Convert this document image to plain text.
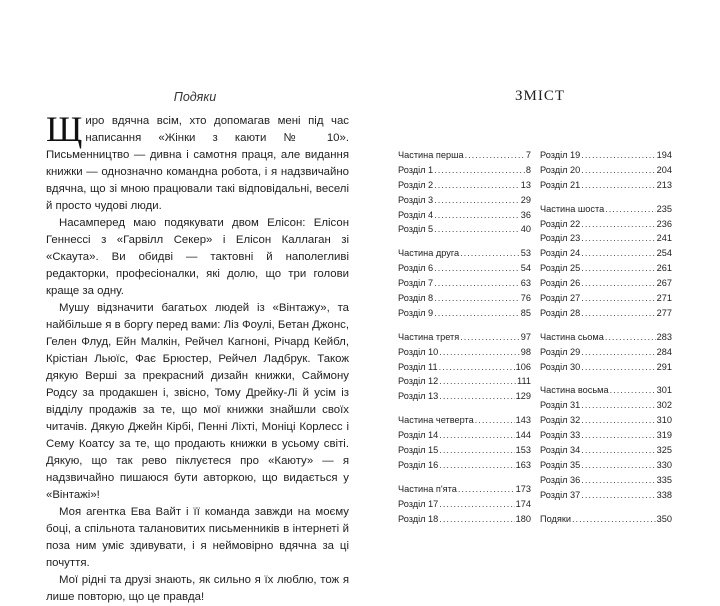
Подяки

Щиро вдячна всім, хто допомагав мені під час написання «Жінки з каюти № 10». Письменництво — дивна і самотня праця, але видання книжки — однозначно командна робота, і я надзвичайно вдячна, що зі мною працювали такі відповідальні, веселі й просто чудові люди.

Насамперед маю подякувати двом Елісон: Елісон Геннессі з «Гарвілл Секер» і Елісон Каллаган зі «Скаута». Ви обидві — тактовні й наполегливі редакторки, професіоналки, які долю, що три голови краще за одну.

Мушу відзначити багатьох людей із «Вінтажу», та найбільше я в боргу перед вами: Ліз Фоулі, Бетан Джонс, Гелен Флуд, Ейн Малкін, Рейчел Кагноні, Річард Кейбл, Крістіан Льюїс, Фає Брюстер, Рейчел Ладбрук. Також дякую Верші за прекрасний дизайн книжки, Саймону Родсу за продакшен і, звісно, Тому Дрейку-Лі й усім із відділу продажів за те, що мої книжки знайшли своїх читачів. Дякую Джейн Кірбі, Пенні Ліхті, Моніці Корлесс і Сему Коатсу за те, що продають книжки в усьому світі. Дякую, що так рево піклуєтеся про «Каюту» — я надзвичайно пишаюся бути авторкою, що видається у «Вінтажі»!

Моя агентка Ева Вайт і її команда завжди на моєму боці, а спільнота талановитих письменників в інтернеті й поза ним уміє здивувати, і я неймовірно вдячна за ці почуття.

Мої рідні та друзі знають, як сильно я їх люблю, тож я лише повторю, що це правда!

ЗМІСТ
Частина перша .....	7
Розділ 1 .....	8
Розділ 2 .....	13
Розділ 3 .....	29
Розділ 4 .....	36
Розділ 5 .....	40
Частина друга .....	53
Розділ 6 .....	54
Розділ 7 .....	63
Розділ 8 .....	76
Розділ 9 .....	85
Частина третя .....	97
Розділ 10 .....	98
Розділ 11 .....	106
Розділ 12 .....	111
Розділ 13 .....	129
Частина четверта .....	143
Розділ 14 .....	144
Розділ 15 .....	153
Розділ 16 .....	163
Частина п'ята .....	173
Розділ 17 .....	174
Розділ 18 .....	180
Розділ 19 .....	194
Розділ 20 .....	204
Розділ 21 .....	213
Частина шоста .....	235
Розділ 22 .....	236
Розділ 23 .....	241
Розділ 24 .....	254
Розділ 25 .....	261
Розділ 26 .....	267
Розділ 27 .....	271
Розділ 28 .....	277
Частина сьома .....	283
Розділ 29 .....	284
Розділ 30 .....	291
Частина восьма .....	301
Розділ 31 .....	302
Розділ 32 .....	310
Розділ 33 .....	319
Розділ 34 .....	325
Розділ 35 .....	330
Розділ 36 .....	335
Розділ 37 .....	338
Подяки .....	350
